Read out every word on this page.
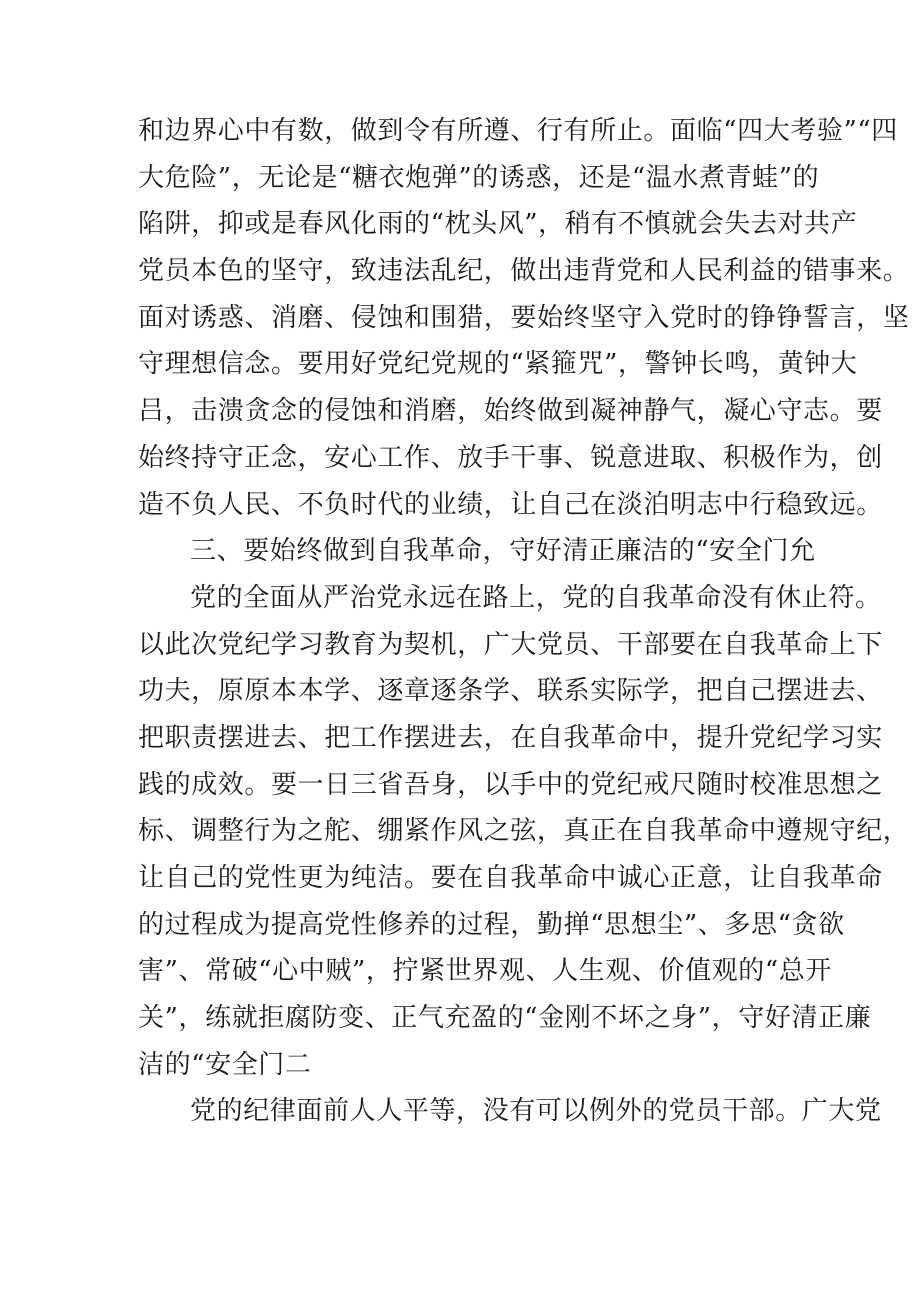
和边界心中有数，做到令有所遵、行有所止。面临“四大考验”“四
大危险”，无论是“糖衣炮弹”的诱惑，还是“温水煮青蛙”的
陷阱，抑或是春风化雨的“枕头风”，稍有不慎就会失去对共产
党员本色的坚守，致违法乱纪，做出违背党和人民利益的错事来。
面对诱惑、消磨、侵蚀和围猎，要始终坚守入党时的铮铮誓言，坚
守理想信念。要用好党纪党规的“紧箍咒”，警钟长鸣，黄钟大
吕，击溃贪念的侵蚀和消磨，始终做到凝神静气，凝心守志。要
始终持守正念，安心工作、放手干事、锐意进取、积极作为，创
造不负人民、不负时代的业绩，让自己在淡泊明志中行稳致远。
三、要始终做到自我革命，守好清正廉洁的“安全门允
党的全面从严治党永远在路上，党的自我革命没有休止符。
以此次党纪学习教育为契机，广大党员、干部要在自我革命上下
功夫，原原本本学、逐章逐条学、联系实际学，把自己摆进去、
把职责摆进去、把工作摆进去，在自我革命中，提升党纪学习实
践的成效。要一日三省吾身，以手中的党纪戒尺随时校准思想之
标、调整行为之舵、绷紧作风之弦，真正在自我革命中遵规守纪，
让自己的党性更为纯洁。要在自我革命中诚心正意，让自我革命
的过程成为提高党性修养的过程，勤掸“思想尘”、多思“贪欲
害”、常破“心中贼”，拧紧世界观、人生观、价值观的“总开
关”，练就拒腐防变、正气充盈的“金刚不坏之身”，守好清正廉
洁的“安全门二
党的纪律面前人人平等，没有可以例外的党员干部。广大党
